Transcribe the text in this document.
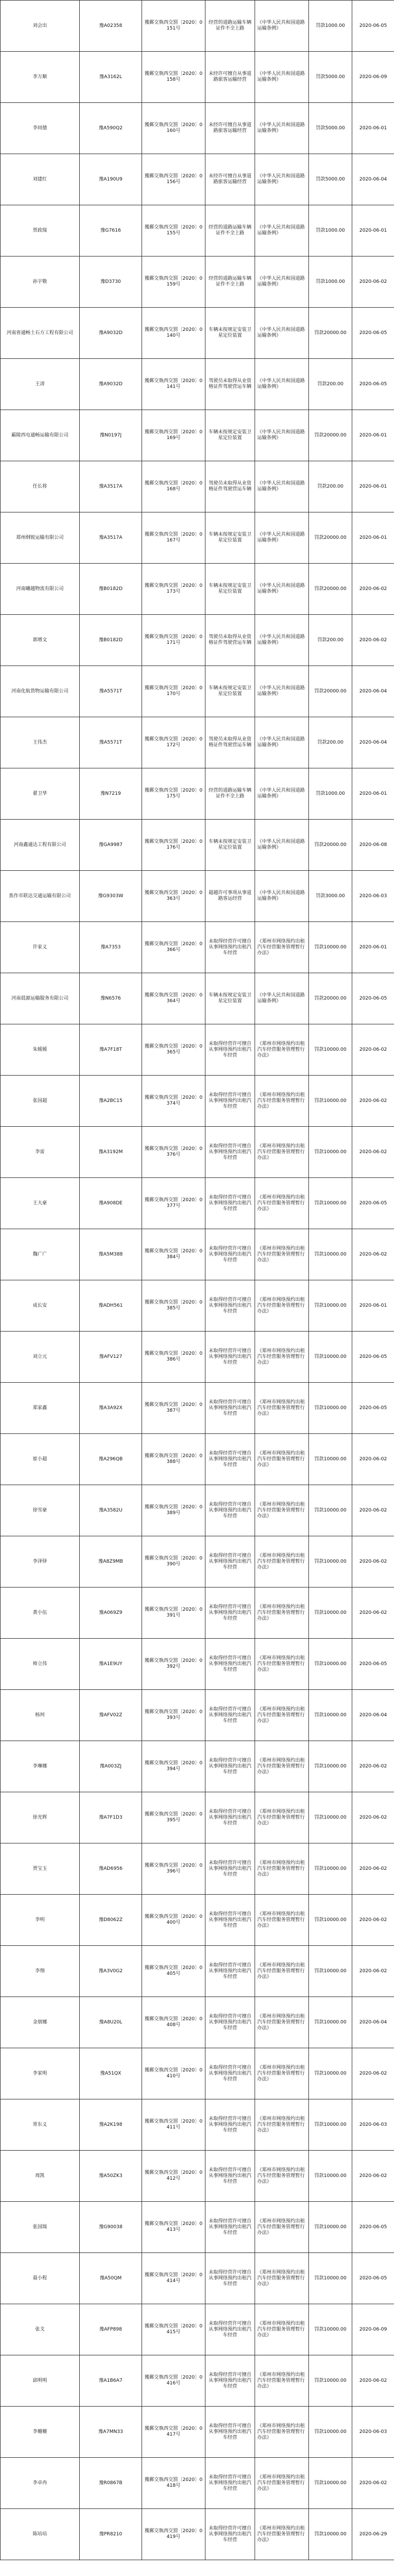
刘会出	豫A02358	獲郵交執西交罰〔2020〕0151号	经营的道路运输车辆证件不全上路	《中华人民共和国道路运输条例》	罚款1000.00	2020-06-05
李万顺	豫A3162L	獲郵交執西交罰〔2020〕0158号	未经许可擅自从事道路旅客运输经营	《中华人民共和国道路运输条例》	罚款5000.00	2020-06-09
李同德	豫A590Q2	獲郵交執西交罰〔2020〕0160号	未经许可擅自从事道路旅客运输经营	《中华人民共和国道路运输条例》	罚款5000.00	2020-06-01
刘建红	豫A190U9	獲郵交執西交罰〔2020〕0156号	未经许可擅自从事道路旅客运输经营	《中华人民共和国道路运输条例》	罚款5000.00	2020-06-04
贾政瑞	豫G7616	獲郵交執西交罰〔2020〕0155号	经营的道路运输车辆证件不全上路	《中华人民共和国道路运输条例》	罚款1000.00	2020-06-01
孙宇敬	豫D3730	獲郵交執西交罰〔2020〕0159号	经营的道路运输车辆证件不全上路	《中华人民共和国道路运输条例》	罚款1000.00	2020-06-02
河南省通畅土石方工程有限公司	豫A9032D	獲郵交執西交罰〔2020〕0140号	车辆未按规定安装卫星定位装置	《中华人民共和国道路运输条例》	罚款20000.00	2020-06-05
王清	豫A9032D	獲郵交執西交罰〔2020〕0141号	驾驶员未取得从业资格证件驾驶营运车辆	《中华人民共和国道路运输条例》	罚款200.00	2020-06-05
霸陵西屯通畅运输有限公司	豫N0197J	獲郵交執西交罰〔2020〕0169号	车辆未按规定安装卫星定位装置	《中华人民共和国道路运输条例》	罚款20000.00	2020-06-01
任长将	豫A3517A	獲郵交執西交罰〔2020〕0168号	驾驶员未取得从业资格证件驾驶营运车辆	《中华人民共和国道路运输条例》	罚款200.00	2020-06-01
郑州纲锐运输有限公司	豫A3517A	獲郵交執西交罰〔2020〕0167号	车辆未按规定安装卫星定位装置	《中华人民共和国道路运输条例》	罚款20000.00	2020-06-01
河南曦越物流有限公司	豫B0182D	獲郵交執西交罰〔2020〕0173号	车辆未按规定安装卫星定位装置	《中华人民共和国道路运输条例》	罚款20000.00	2020-06-02
郭增文	豫B0182D	獲郵交執西交罰〔2020〕0171号	驾驶员未取得从业资格证件驾驶营运车辆	《中华人民共和国道路运输条例》	罚款200.00	2020-06-02
河南化航货物运输有限公司	豫A5571T	獲郵交執西交罰〔2020〕0170号	车辆未按规定安装卫星定位装置	《中华人民共和国道路运输条例》	罚款20000.00	2020-06-04
王伟杰	豫A5571T	獲郵交執西交罰〔2020〕0172号	驾驶员未取得从业资格证件驾驶营运车辆	《中华人民共和国道路运输条例》	罚款200.00	2020-06-04
翟卫华	豫N7219	獲郵交執西交罰〔2020〕0175号	经营的道路运输车辆证件不全上路	《中华人民共和国道路运输条例》	罚款1000.00	2020-06-01
河南鑫通达工程有限公司	豫GA9987	獲郵交執西交罰〔2020〕0176号	车辆未按规定安装卫星定位装置	《中华人民共和国道路运输条例》	罚款20000.00	2020-06-08
焦作市联达交通运输有限公司	豫G9303W	獲郵交執西交罰〔2020〕0363号	超越许可事项从事道路客运经营	《中华人民共和国道路运输条例》	罚款3000.00	2020-06-03
许家义	豫A7353	獲郵交執西交罰〔2020〕0366号	未取得经营许可擅自从事网络预约出租汽车经营	《郑州市网络预约出租汽车经营服务管理暂行办法》	罚款10000.00	2020-06-01
河南晨源运输服务有限公司	豫N6576	獲郵交執西交罰〔2020〕0364号	车辆未按规定安装卫星定位装置	《中华人民共和国道路运输条例》	罚款20000.00	2020-06-05
朱媛媛	豫A7F18T	獲郵交執西交罰〔2020〕0365号	未取得经营许可擅自从事网络预约出租汽车经营	《郑州市网络预约出租汽车经营服务管理暂行办法》	罚款10000.00	2020-06-02
张国超	豫A2BC15	獲郵交執西交罰〔2020〕0374号	未取得经营许可擅自从事网络预约出租汽车经营	《郑州市网络预约出租汽车经营服务管理暂行办法》	罚款10000.00	2020-06-02
李雷	豫A3192M	獲郵交執西交罰〔2020〕0376号	未取得经营许可擅自从事网络预约出租汽车经营	《郑州市网络预约出租汽车经营服务管理暂行办法》	罚款10000.00	2020-06-02
王大豪	豫A908DE	獲郵交執西交罰〔2020〕0377号	未取得经营许可擅自从事网络预约出租汽车经营	《郑州市网络预约出租汽车经营服务管理暂行办法》	罚款10000.00	2020-06-05
魏广广	豫A5M388	獲郵交執西交罰〔2020〕0384号	未取得经营许可擅自从事网络预约出租汽车经营	《郑州市网络预约出租汽车经营服务管理暂行办法》	罚款10000.00	2020-06-02
成长安	豫ADH561	獲郵交執西交罰〔2020〕0385号	未取得经营许可擅自从事网络预约出租汽车经营	《郑州市网络预约出租汽车经营服务管理暂行办法》	罚款10000.00	2020-06-01
刘立元	豫AFV127	獲郵交執西交罰〔2020〕0386号	未取得经营许可擅自从事网络预约出租汽车经营	《郑州市网络预约出租汽车经营服务管理暂行办法》	罚款10000.00	2020-06-05
郑家鑫	豫A3A92X	獲郵交執西交罰〔2020〕0387号	未取得经营许可擅自从事网络预约出租汽车经营	《郑州市网络预约出租汽车经营服务管理暂行办法》	罚款10000.00	2020-06-05
崔小超	豫A296QB	獲郵交執西交罰〔2020〕0388号	未取得经营许可擅自从事网络预约出租汽车经营	《郑州市网络预约出租汽车经营服务管理暂行办法》	罚款10000.00	2020-06-02
徐雪豪	豫A3582U	獲郵交執西交罰〔2020〕0389号	未取得经营许可擅自从事网络预约出租汽车经营	《郑州市网络预约出租汽车经营服务管理暂行办法》	罚款10000.00	2020-06-02
李泽铎	豫A8Z9MB	獲郵交執西交罰〔2020〕0390号	未取得经营许可擅自从事网络预约出租汽车经营	《郑州市网络预约出租汽车经营服务管理暂行办法》	罚款10000.00	2020-06-02
黄小伍	豫A069Z9	獲郵交執西交罰〔2020〕0391号	未取得经营许可擅自从事网络预约出租汽车经营	《郑州市网络预约出租汽车经营服务管理暂行办法》	罚款10000.00	2020-06-02
师立伟	豫A1E9UY	獲郵交執西交罰〔2020〕0392号	未取得经营许可擅自从事网络预约出租汽车经营	《郑州市网络预约出租汽车经营服务管理暂行办法》	罚款10000.00	2020-06-05
杨珂	豫AFV02Z	獲郵交執西交罰〔2020〕0393号	未取得经营许可擅自从事网络预约出租汽车经营	《郑州市网络预约出租汽车经营服务管理暂行办法》	罚款10000.00	2020-06-04
李琳娜	豫A003ZJ	獲郵交執西交罰〔2020〕0394号	未取得经营许可擅自从事网络预约出租汽车经营	《郑州市网络预约出租汽车经营服务管理暂行办法》	罚款10000.00	2020-06-02
徐光辉	豫A7F1D3	獲郵交執西交罰〔2020〕0395号	未取得经营许可擅自从事网络预约出租汽车经营	《郑州市网络预约出租汽车经营服务管理暂行办法》	罚款10000.00	2020-06-02
贾宝玉	豫AD6956	獲郵交執西交罰〔2020〕0396号	未取得经营许可擅自从事网络预约出租汽车经营	《郑州市网络预约出租汽车经营服务管理暂行办法》	罚款10000.00	2020-06-02
李明	豫D8062Z	獲郵交執西交罰〔2020〕0400号	未取得经营许可擅自从事网络预约出租汽车经营	《郑州市网络预约出租汽车经营服务管理暂行办法》	罚款10000.00	2020-06-02
李翔	豫A3V0G2	獲郵交執西交罰〔2020〕0405号	未取得经营许可擅自从事网络预约出租汽车经营	《郑州市网络预约出租汽车经营服务管理暂行办法》	罚款10000.00	2020-06-02
金朋娜	豫A8U20L	獲郵交執西交罰〔2020〕0408号	未取得经营许可擅自从事网络预约出租汽车经营	《郑州市网络预约出租汽车经营服务管理暂行办法》	罚款10000.00	2020-06-04
李家明	豫A51QX	獲郵交執西交罰〔2020〕0410号	未取得经营许可擅自从事网络预约出租汽车经营	《郑州市网络预约出租汽车经营服务管理暂行办法》	罚款10000.00	2020-06-02
常东义	豫A2K198	獲郵交執西交罰〔2020〕0411号	未取得经营许可擅自从事网络预约出租汽车经营	《郑州市网络预约出租汽车经营服务管理暂行办法》	罚款10000.00	2020-06-03
周凯	豫A50ZK3	獲郵交執西交罰〔2020〕0412号	未取得经营许可擅自从事网络预约出租汽车经营	《郑州市网络预约出租汽车经营服务管理暂行办法》	罚款10000.00	2020-06-02
张国瑞	豫G90038	獲郵交執西交罰〔2020〕0413号	未取得经营许可擅自从事网络预约出租汽车经营	《郑州市网络预约出租汽车经营服务管理暂行办法》	罚款10000.00	2020-06-05
聂小程	豫A50QM	獲郵交執西交罰〔2020〕0414号	未取得经营许可擅自从事网络预约出租汽车经营	《郑州市网络预约出租汽车经营服务管理暂行办法》	罚款10000.00	2020-06-05
张戈	豫AFP898	獲郵交執西交罰〔2020〕0415号	未取得经营许可擅自从事网络预约出租汽车经营	《郑州市网络预约出租汽车经营服务管理暂行办法》	罚款10000.00	2020-06-09
邱明明	豫A1B6A7	獲郵交執西交罰〔2020〕0416号	未取得经营许可擅自从事网络预约出租汽车经营	《郑州市网络预约出租汽车经营服务管理暂行办法》	罚款10000.00	2020-06-02
李姗姗	豫A7MN33	獲郵交執西交罰〔2020〕0417号	未取得经营许可擅自从事网络预约出租汽车经营	《郑州市网络预约出租汽车经营服务管理暂行办法》	罚款10000.00	2020-06-03
李卓冉	豫R0867B	獲郵交執西交罰〔2020〕0418号	未取得经营许可擅自从事网络预约出租汽车经营	《郑州市网络预约出租汽车经营服务管理暂行办法》	罚款10000.00	2020-06-02
陈培培	豫PR8210	獲郵交執西交罰〔2020〕0419号	未取得经营许可擅自从事网络预约出租汽车经营	《郑州市网络预约出租汽车经营服务管理暂行办法》	罚款10000.00	2020-06-29
